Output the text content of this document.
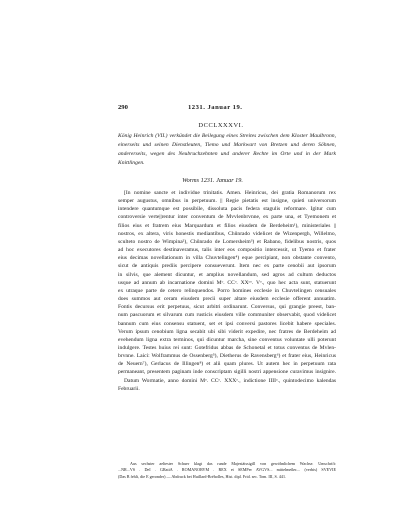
290	1231. Januar 19.
DCCLXXXVI.
König Heinrich (VII.) verkündet die Beilegung eines Streites zwischen dem Kloster Maulbronn, einerseits und seinen Dienstleuten, Tiemo und Markwart von Bretzen und deren Söhnen, andererseits, wegen des Neubruchzehnten und anderer Rechte im Orte und in der Mark Knittlingen.
Worms 1231. Januar 19.
[In nomine sancte et individue trinitatis. Amen. Heinricus, dei gratia Romanorum rex
semper augustus, omnibus in perpetuum. || Regie pietatis est insigne, quieti universorum
intendere quantumque est possibile, dissoluta pacis federa stagulis reformare. Igitur cum
controversie verte||rentur inter conventum de Mvvlenbrvnne, ex parte una, et Tyemonem et
filios eius et fratrem eius Marquardum et filios eiusdem de Berdeheim¹), ministeriales ||
nostros, ex altera, viris honestis mediantibus, Chůnrado videlicet de Wizenpergh, Willelmo,
sculteto nostro de Wimpina²), Chůnrado de Lomersheim³) et Rabano, fidelibus nostris, quos
ad hoc executores destinaveramus, talis inter eos compositio intercessit, ut Tyemo et frater
eius decimas novellationum in villa Chuvtelingen⁴) eque percipiant, non obstante convento,
sicut de antiquis prediis percipere consueverunt. Item nec ex parte cenobii aut ipsorum
in silvis, que alement dicuntur, et amplius novellandum, sed agros ad cultum deductos
usque ad annum ab incarnatione domini Mᵒ. CCᵒ. XXᵒᵒ. Vᵒ., quo hec acta sunt, statuerunt
ex utraque parte de cetero relinquendos. Porro homines ecclesie in Chuvtelingen censuales
does summos aut ceram eiusdem precii super altare eiusdem ecclesie offerent annuatim.
Fontis decursus erit perpetuus, sicut arbitri ordinarunt. Conversus, qui grangie preest, ban-
num pascuorum et silvarum cum rusticis eiusdem ville communiter observabit, quod videlicet
bannum cum eius consensu statuent, set et ipsi conversi pastores licebit habere speciales.
Verum ipsum cenobium ligna secabit ubi sibi viderit expedire, nec fratres de Berdeheim ad
evehendum ligna extra terminos, qui dicuntur marcha, sine conventus voluntate ulli poterunt
indulgere. Testes huius rei sunt: Gotefridus abbas de Schonetal et totus conventus de Mvlen-
brvnne. Laici: Wolframmus de Ossenberg⁵), Dietherus de Ravensberg⁶) et frater eius, Heinricus
de Neuern⁷), Gerlacus de Illingen⁸) et alii quam plures. Ut autem hec in perpetuum rata
permaneant, presentem paginam inde conscriptam sigilli nostri appensione curavimus insignire.
Datum Wormatie, anno domini Mᵒ. CCᵒ. XXXᵒ., indictione IIIIᵃ., quintodecimo kalendas
Februarii.
Aus sechster aeltester Schuer klagt das runde Majestätssigill von gewöhnlichem Wachse. Umschrift:
...NR...VS . DeI . GRatiA . ROMANORVM . REX et SEMPer AVGVS... mittelmeßer.... (verbis) SVEVIE
(Das B fehlt, die E geronder) — Abdruck bei Huillard-Bréholles, Hist. dipl. Frid. sec. Tom. III, S. 441.
